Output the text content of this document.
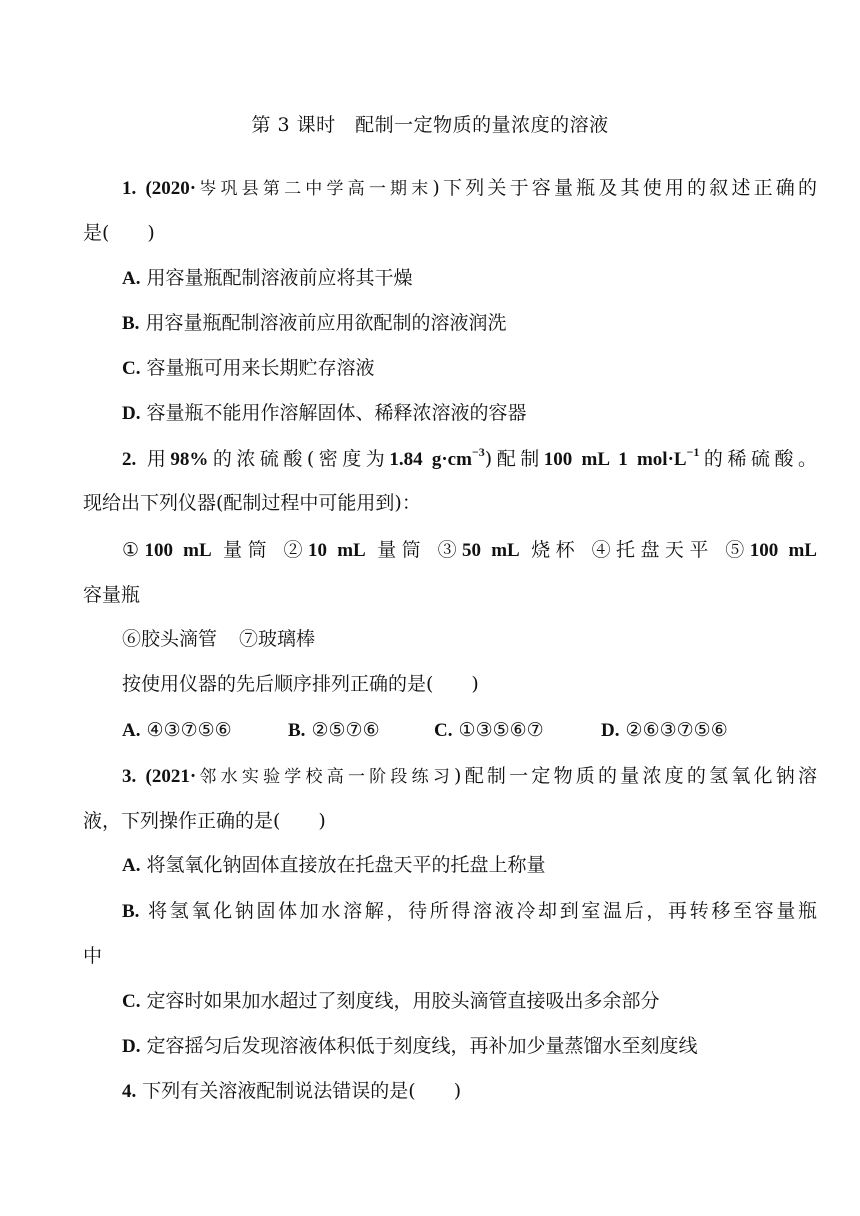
第 3 课时　配制一定物质的量浓度的溶液
1. (2020·岑巩县第二中学高一期末)下列关于容量瓶及其使用的叙述正确的
是(　　)
A. 用容量瓶配制溶液前应将其干燥
B. 用容量瓶配制溶液前应用欲配制的溶液润洗
C. 容量瓶可用来长期贮存溶液
D. 容量瓶不能用作溶解固体、稀释浓溶液的容器
2. 用98%的浓硫酸(密度为1.84 $g\cdot cm^{-3}$)配制100 mL 1 $mol\cdot L^{-1}$的稀硫酸。
现给出下列仪器(配制过程中可能用到)：
①100 mL 量筒 ②10 mL 量筒 ③50 mL 烧杯 ④托盘天平 ⑤100 mL
容量瓶
⑥胶头滴管 ⑦玻璃棒
按使用仪器的先后顺序排列正确的是(　　)
A. ④③⑦⑤⑥	B. ②⑤⑦⑥	C. ①③⑤⑥⑦	D. ②⑥③⑦⑤⑥
3. (2021·邻水实验学校高一阶段练习)配制一定物质的量浓度的氢氧化钠溶
液，下列操作正确的是(　　)
A. 将氢氧化钠固体直接放在托盘天平的托盘上称量
B. 将氢氧化钠固体加水溶解，待所得溶液冷却到室温后，再转移至容量瓶
中
C. 定容时如果加水超过了刻度线，用胶头滴管直接吸出多余部分
D. 定容摇匀后发现溶液体积低于刻度线，再补加少量蒸馏水至刻度线
4. 下列有关溶液配制说法错误的是(　　)
